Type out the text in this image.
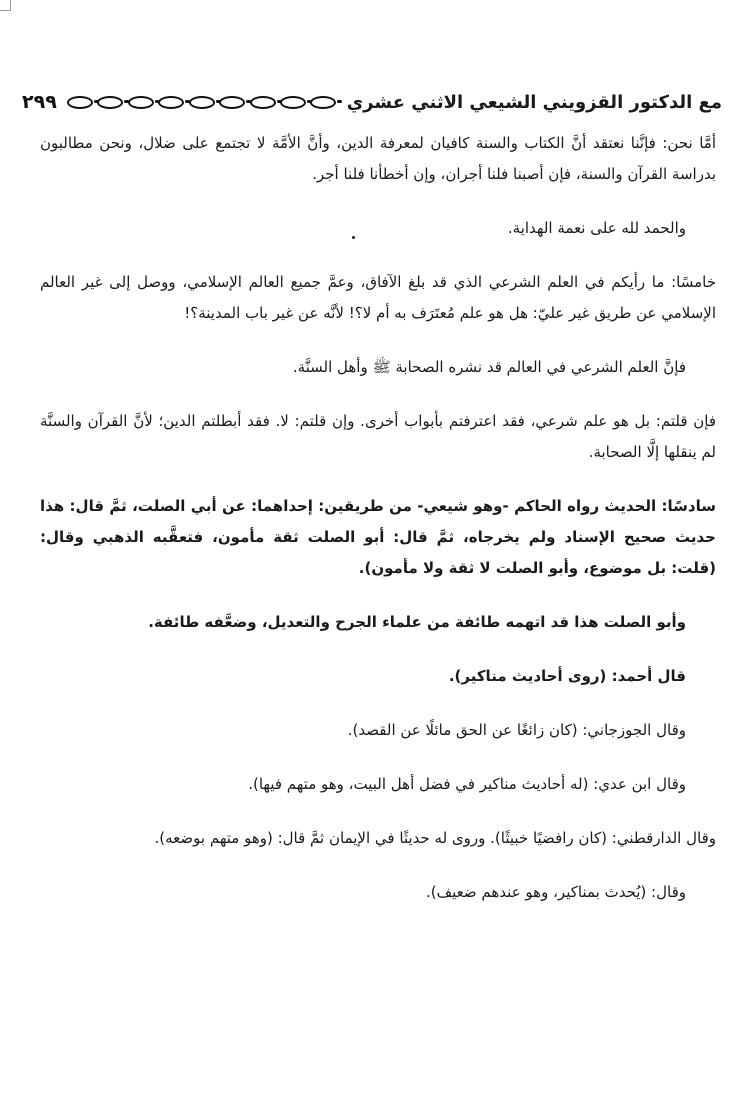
٢٩٩	مع الدكتور القزويني الشيعي الاثني عشري

أمَّا نحن: فإنَّنا نعتقد أنَّ الكتاب والسنة كافيان لمعرفة الدين، وأنَّ الأمَّة لا تجتمع على ضلال، ونحن مطالبون بدراسة القرآن والسنة، فإن أصبنا فلنا أجران، وإن أخطأنا فلنا أجر.

والحمد لله على نعمة الهداية.

خامسًا: ما رأيكم في العلم الشرعي الذي قد بلغ الآفاق، وعمَّ جميع العالم الإسلامي، ووصل إلى غير العالم الإسلامي عن طريق غير عليّ: هل هو علم مُعتَرَف به أم لا؟! لأنَّه عن غير باب المدينة؟!

فإنَّ العلم الشرعي في العالم قد نشره الصحابة ﷺ وأهل السنَّة.

فإن قلتم: بل هو علم شرعي، فقد اعترفتم بأبواب أخرى. وإن قلتم: لا. فقد أبطلتم الدين؛ لأنَّ القرآن والسنَّة لم ينقلها إلَّا الصحابة.

سادسًا: الحديث رواه الحاكم -وهو شيعي- من طريقين: إحداهما: عن أبي الصلت، ثمَّ قال: هذا حديث صحيح الإسناد ولم يخرجاه، ثمَّ قال: أبو الصلت ثقة مأمون، فتعقَّبه الذهبي وقال: (قلت: بل موضوع، وأبو الصلت لا ثقة ولا مأمون).

وأبو الصلت هذا قد اتهمه طائفة من علماء الجرح والتعديل، وضعَّفه طائفة.

قال أحمد: (روى أحاديث مناكير).

وقال الجوزجاني: (كان زائغًا عن الحق مائلًا عن القصد).

وقال ابن عدي: (له أحاديث مناكير في فضل أهل البيت، وهو متهم فيها).

وقال الدارقطني: (كان رافضيًا خبيثًا). وروى له حديثًا في الإيمان ثمَّ قال: (وهو متهم بوضعه).

وقال: (يُحدث بمناكير، وهو عندهم ضعيف).
